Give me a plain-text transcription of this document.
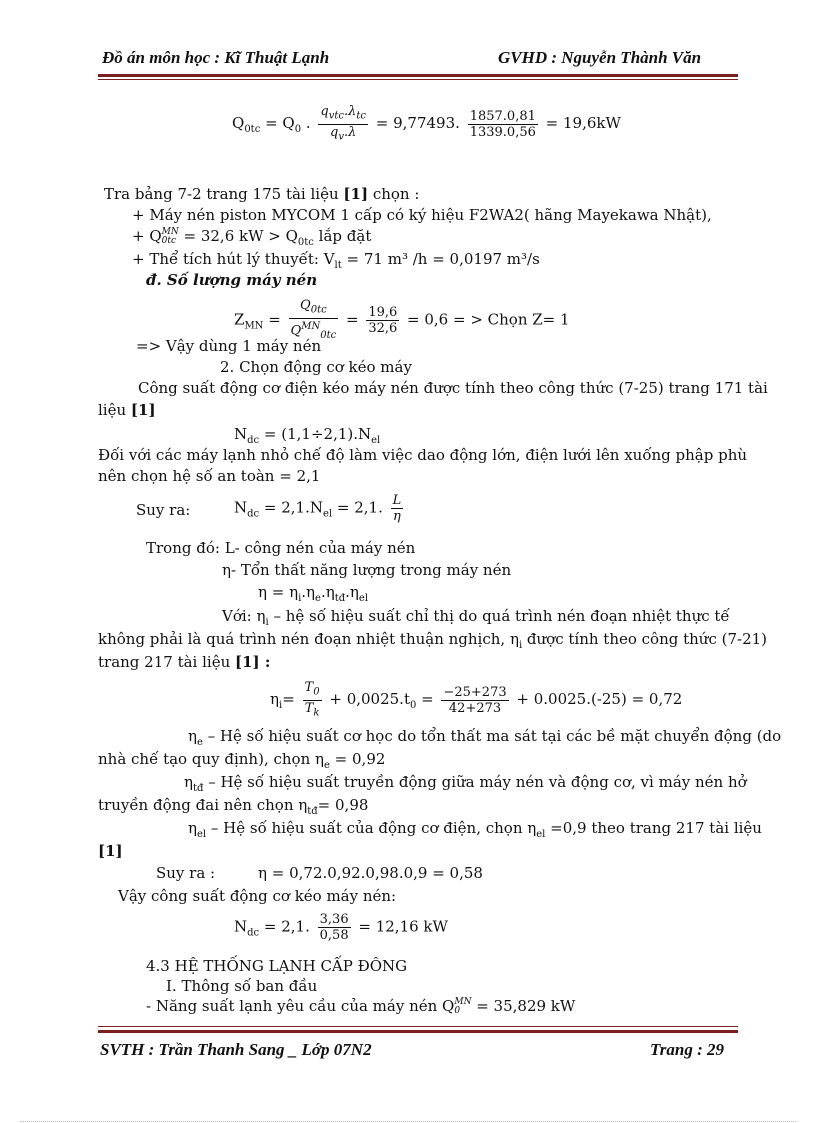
Đồ án môn học : Kĩ Thuật Lạnh	GVHD : Nguyễn Thành Văn
$Q_{0tc} = Q_0$ . $\frac{q_{vtc}.\lambda_{tc}}{q_v.\lambda} = 9,77493$. $\frac{1857.0,81}{1339.0,56} = 19,6kW$
Tra bảng 7-2 trang 175 tài liệu [1] chọn :
+ Máy nén piston MYCOM 1 cấp có ký hiệu F2WA2( hãng Mayekawa Nhật),
+ Q MN
0tc = 32,6 kW > $Q_{0tc}$ lắp đặt
+ Thể tích hút lý thuyết: $V_{lt} = 71$ m³ /h = 0,0197 m³/s
đ. Số lượng máy nén
$Z_{MN} = \frac{Q_{0tc}}{Q^{MN}_{0tc}} = \frac{19,6}{32,6} = 0,6$ = > Chọn Z= 1
=> Vậy dùng 1 máy nén
2. Chọn động cơ kéo máy
Công suất động cơ điện kéo máy nén được tính theo công thức (7-25) trang 171 tài
liệu [1]
$N_{dc} = (1,1\div 2,1).N_{el}$
Đối với các máy lạnh nhỏ chế độ làm việc dao động lớn, điện lưới lên xuống phập phù
nên chọn hệ số an toàn = 2,1
Suy ra:	$N_{dc} = 2,1.N_{el} = 2,1$. $\frac{L}{\eta}$
Trong đó: L- công nén của máy nén
η- Tổn thất năng lượng trong máy nén
$\eta = \eta_i.\eta_e.\eta_{tđ}.\eta_{el}$
Với: $\eta_i$ – hệ số hiệu suất chỉ thị do quá trình nén đoạn nhiệt thực tế
không phải là quá trình nén đoạn nhiệt thuận nghịch, $\eta_i$ được tính theo công thức (7-21)
trang 217 tài liệu [1] :
$\eta_i= \frac{T_0}{T_k} + 0,0025.t_0 = \frac{-25+273}{42+273} + 0.0025.(-25) = 0,72$
$\eta_e$ – Hệ số hiệu suất cơ học do tổn thất ma sát tại các bề mặt chuyển động (do
nhà chế tạo quy định), chọn $\eta_e = 0,92$
$\eta_{tđ}$ – Hệ số hiệu suất truyền động giữa máy nén và động cơ, vì máy nén hở
truyền động đai nên chọn $\eta_{tđ}= 0,98$
$\eta_{el}$ – Hệ số hiệu suất của động cơ điện, chọn $\eta_{el} =0,9$ theo trang 217 tài liệu
[1]
Suy ra :	η = 0,72.0,92.0,98.0,9 = 0,58
Vậy công suất động cơ kéo máy nén:
$N_{dc} = 2,1$. $\frac{3,36}{0,58} = 12,16$ kW
4.3 HỆ THỐNG LẠNH CẤP ĐÔNG
I. Thông số ban đầu
- Năng suất lạnh yêu cầu của máy nén Q MN
0 = 35,829 kW
SVTH : Trần Thanh Sang _ Lớp 07N2	Trang : 29
